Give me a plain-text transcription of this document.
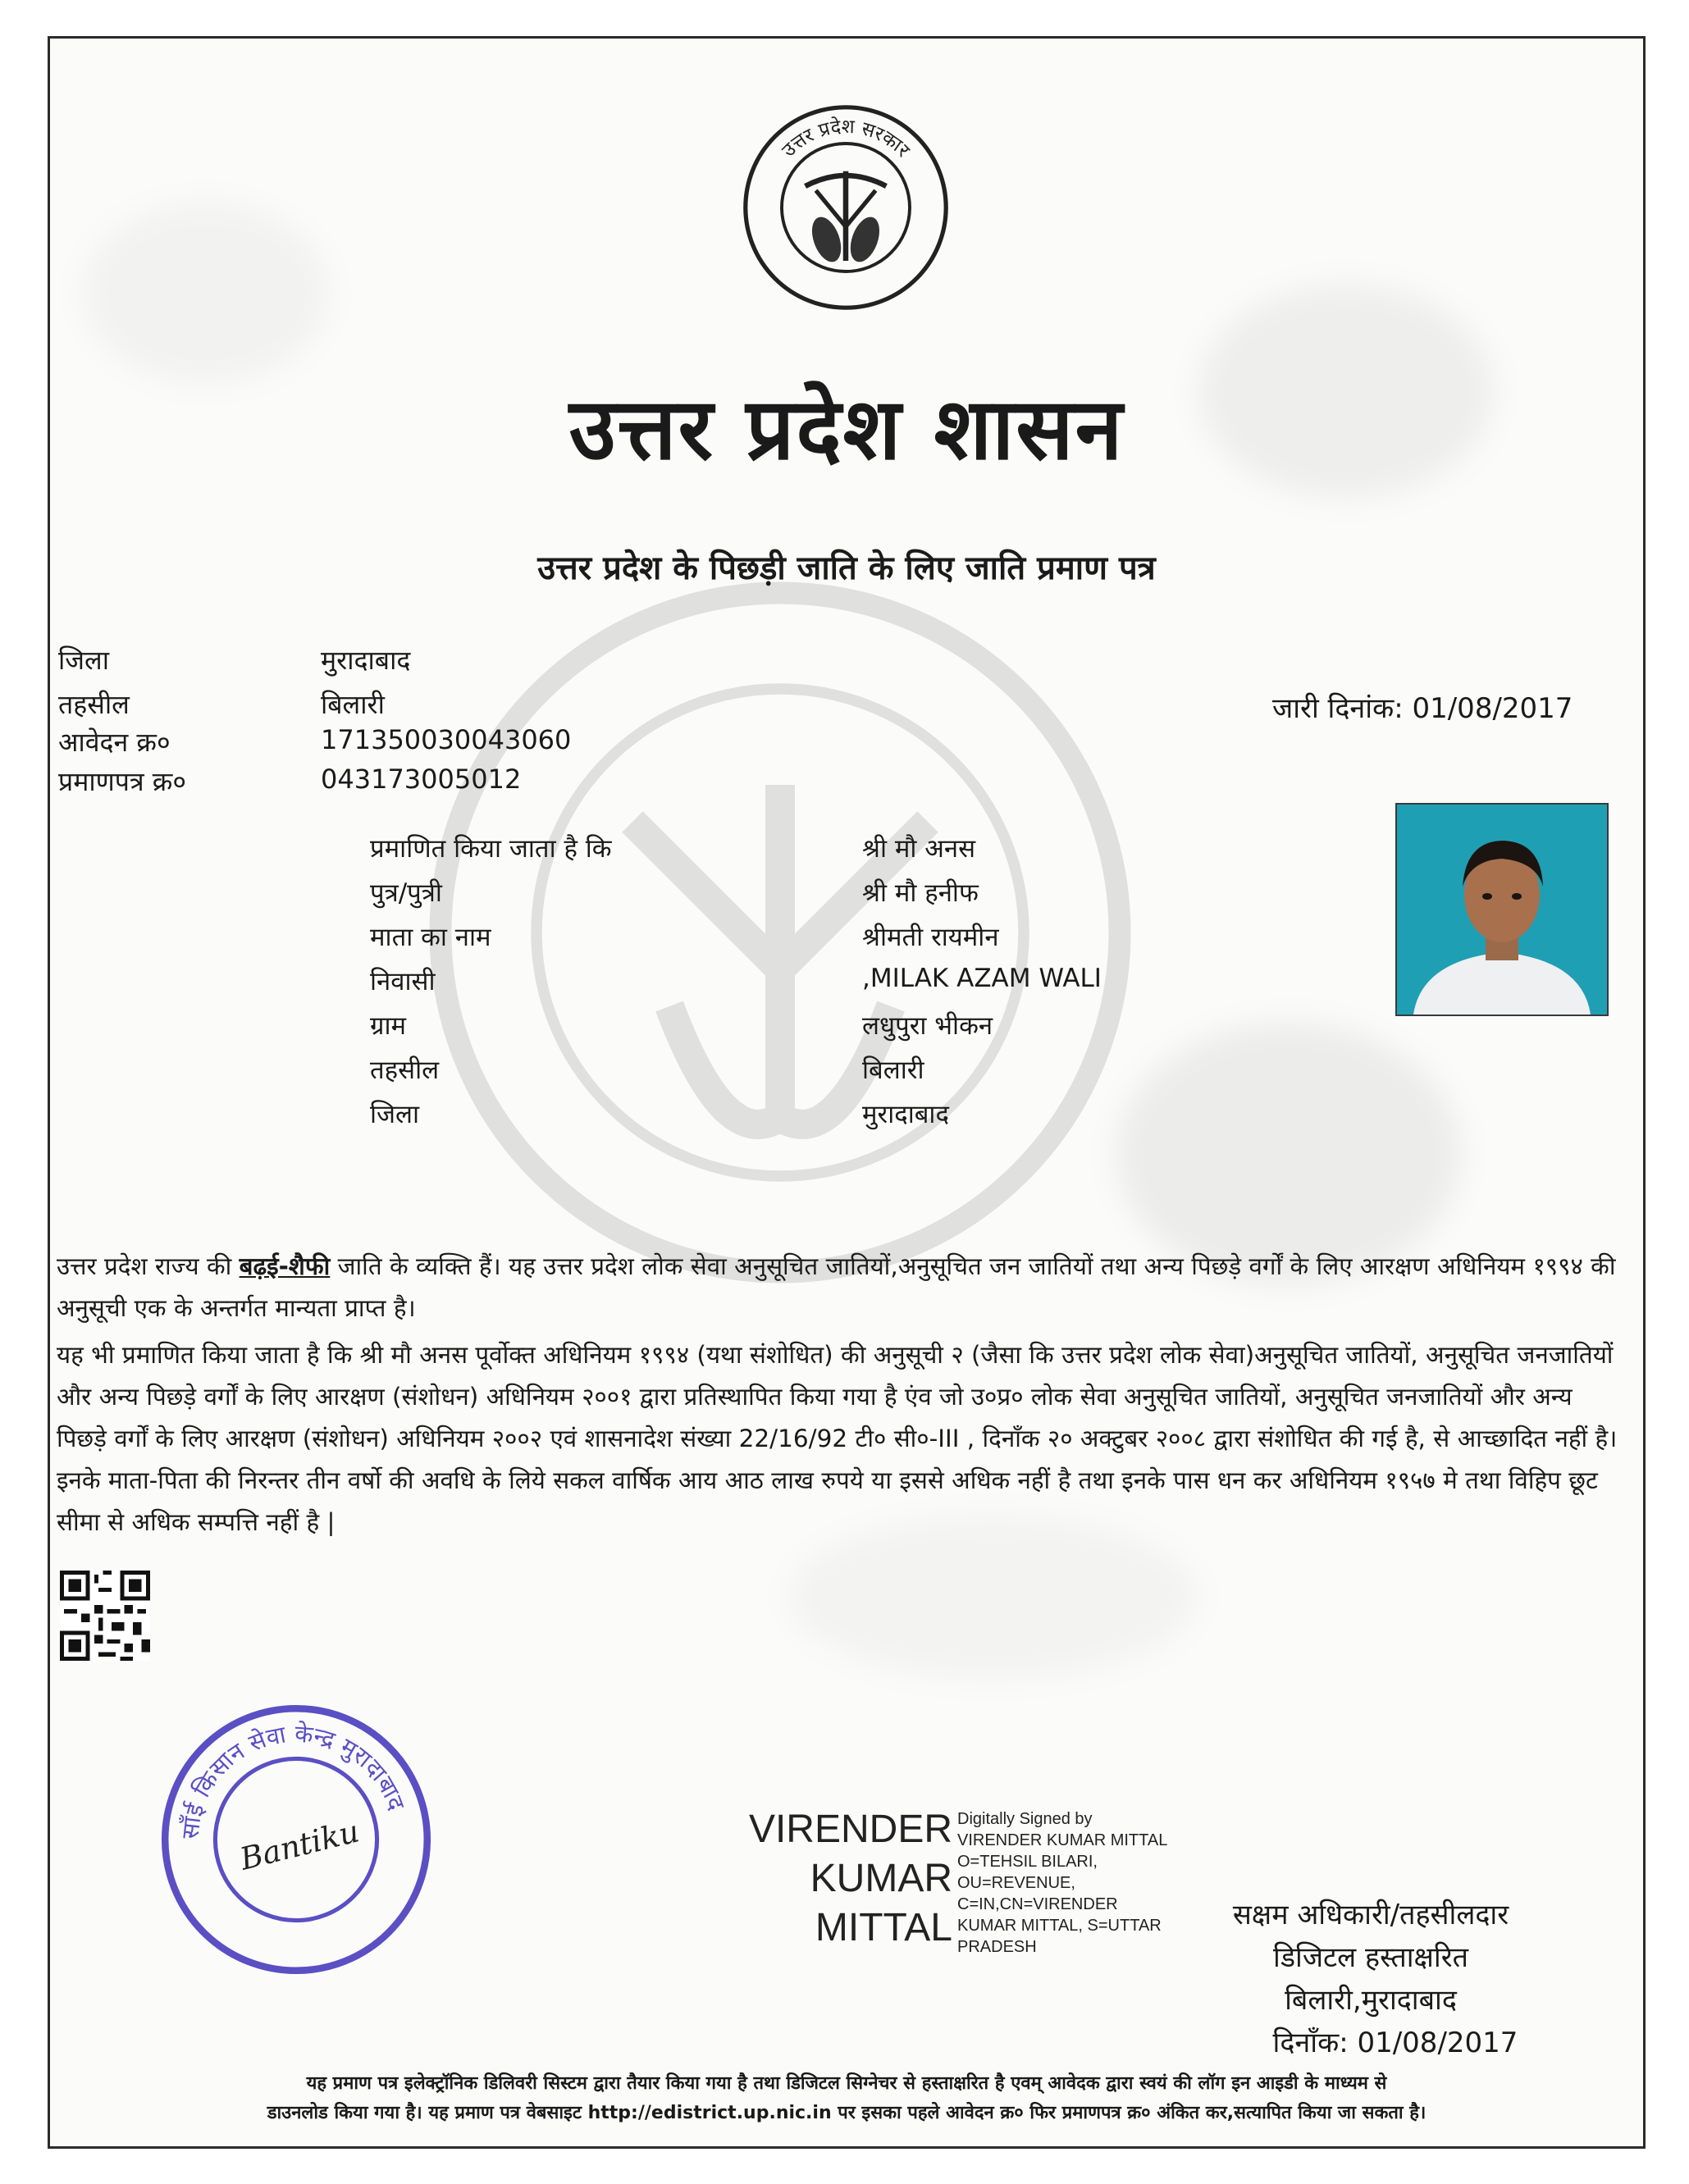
उत्तर प्रदेश सरकार
उत्तर प्रदेश शासन
उत्तर प्रदेश के पिछड़ी जाति के लिए जाति प्रमाण पत्र
जिला	मुरादाबाद
तहसील	बिलारी
आवेदन क्र०	171350030043060
प्रमाणपत्र क्र०	043173005012
जारी दिनांक: 01/08/2017
प्रमाणित किया जाता है कि	श्री मौ अनस
पुत्र/पुत्री	श्री मौ हनीफ
माता का नाम	श्रीमती रायमीन
निवासी	,MILAK AZAM WALI
ग्राम	लधुपुरा भीकन
तहसील	बिलारी
जिला	मुरादाबाद
उत्तर प्रदेश राज्य की बढ़ई-शैफी जाति के व्यक्ति हैं। यह उत्तर प्रदेश लोक सेवा अनुसूचित जातियों,अनुसूचित जन जातियों तथा अन्य पिछड़े वर्गों के लिए आरक्षण अधिनियम १९९४ की अनुसूची एक के अन्तर्गत मान्यता प्राप्त है।
यह भी प्रमाणित किया जाता है कि श्री मौ अनस पूर्वोक्त अधिनियम १९९४ (यथा संशोधित) की अनुसूची २ (जैसा कि उत्तर प्रदेश लोक सेवा)अनुसूचित जातियों, अनुसूचित जनजातियों और अन्य पिछड़े वर्गों के लिए आरक्षण (संशोधन) अधिनियम २००१ द्वारा प्रतिस्थापित किया गया है एंव जो उ०प्र० लोक सेवा अनुसूचित जातियों, अनुसूचित जनजातियों और अन्य पिछड़े वर्गों के लिए आरक्षण (संशोधन) अधिनियम २००२ एवं शासनादेश संख्या 22/16/92 टी० सी०-III , दिनाँक २० अक्टुबर २००८ द्वारा संशोधित की गई है, से आच्छादित नहीं है।इनके माता-पिता की निरन्तर तीन वर्षो की अवधि के लिये सकल वार्षिक आय आठ लाख रुपये या इससे अधिक नहीं है तथा इनके पास धन कर अधिनियम १९५७ मे तथा विहिप छूट सीमा से अधिक सम्पत्ति नहीं है |
साँई किसान सेवा केन्द्र मुरादाबाद
Bantiku	VIRENDER
KUMAR
MITTAL
Digitally Signed by
VIRENDER KUMAR MITTAL
O=TEHSIL BILARI,
OU=REVENUE,
C=IN,CN=VIRENDER
KUMAR MITTAL, S=UTTAR
PRADESH
सक्षम अधिकारी/तहसीलदार
डिजिटल हस्ताक्षरित
बिलारी,मुरादाबाद
दिनाँक: 01/08/2017
यह प्रमाण पत्र इलेक्ट्रॉनिक डिलिवरी सिस्टम द्वारा तैयार किया गया है तथा डिजिटल सिग्नेचर से हस्ताक्षरित है एवम् आवेदक द्वारा स्वयं की लॉग इन आइडी के माध्यम से
डाउनलोड किया गया है। यह प्रमाण पत्र वेबसाइट http://edistrict.up.nic.in पर इसका पहले आवेदन क्र० फिर प्रमाणपत्र क्र० अंकित कर,सत्यापित किया जा सकता है।
